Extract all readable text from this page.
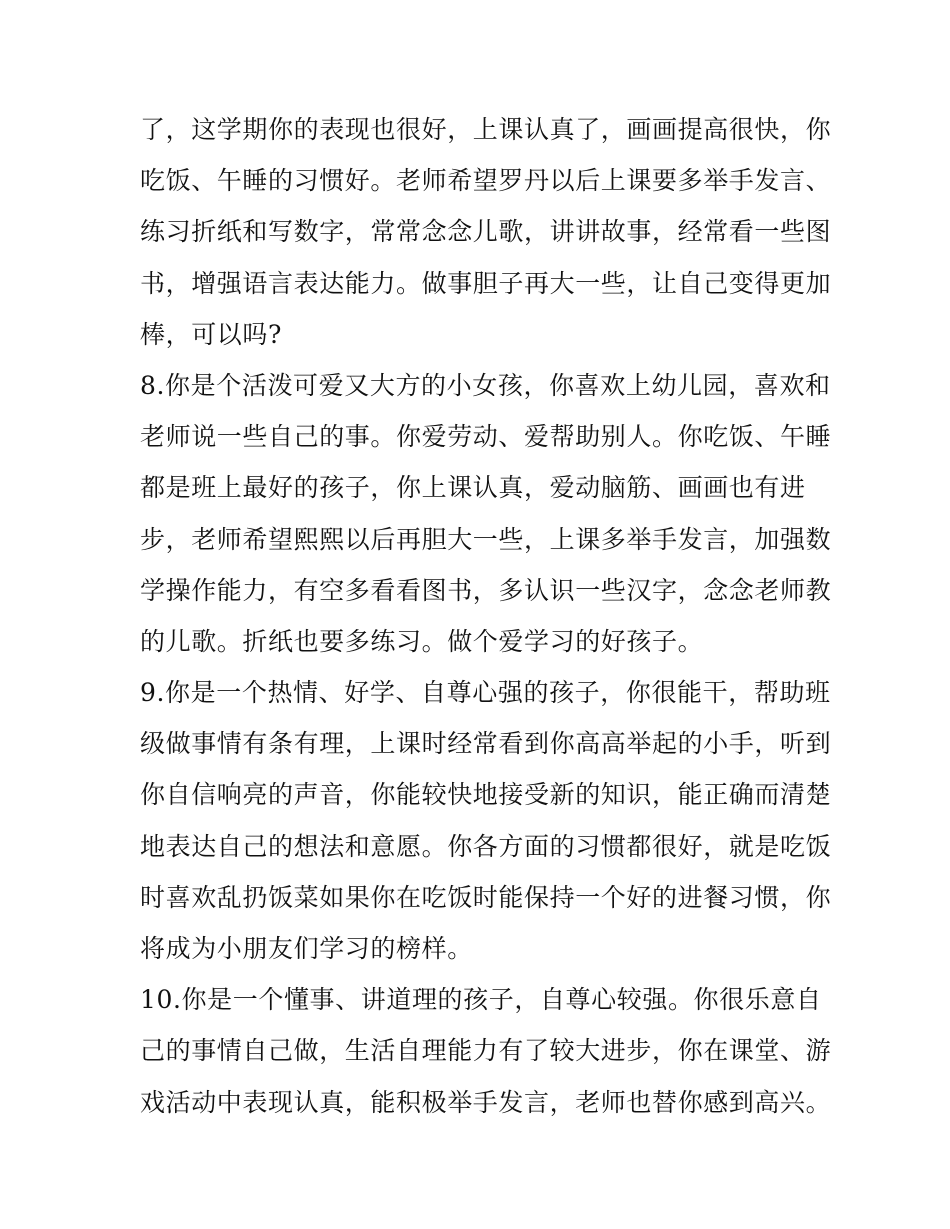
了，这学期你的表现也很好，上课认真了，画画提高很快，你
吃饭、午睡的习惯好。老师希望罗丹以后上课要多举手发言、
练习折纸和写数字，常常念念儿歌，讲讲故事，经常看一些图
书，增强语言表达能力。做事胆子再大一些，让自己变得更加
棒，可以吗?
8.你是个活泼可爱又大方的小女孩，你喜欢上幼儿园，喜欢和
老师说一些自己的事。你爱劳动、爱帮助别人。你吃饭、午睡
都是班上最好的孩子，你上课认真，爱动脑筋、画画也有进
步，老师希望熙熙以后再胆大一些，上课多举手发言，加强数
学操作能力，有空多看看图书，多认识一些汉字，念念老师教
的儿歌。折纸也要多练习。做个爱学习的好孩子。
9.你是一个热情、好学、自尊心强的孩子，你很能干，帮助班
级做事情有条有理，上课时经常看到你高高举起的小手，听到
你自信响亮的声音，你能较快地接受新的知识，能正确而清楚
地表达自己的想法和意愿。你各方面的习惯都很好，就是吃饭
时喜欢乱扔饭菜如果你在吃饭时能保持一个好的进餐习惯，你
将成为小朋友们学习的榜样。
10.你是一个懂事、讲道理的孩子，自尊心较强。你很乐意自
己的事情自己做，生活自理能力有了较大进步，你在课堂、游
戏活动中表现认真，能积极举手发言，老师也替你感到高兴。
